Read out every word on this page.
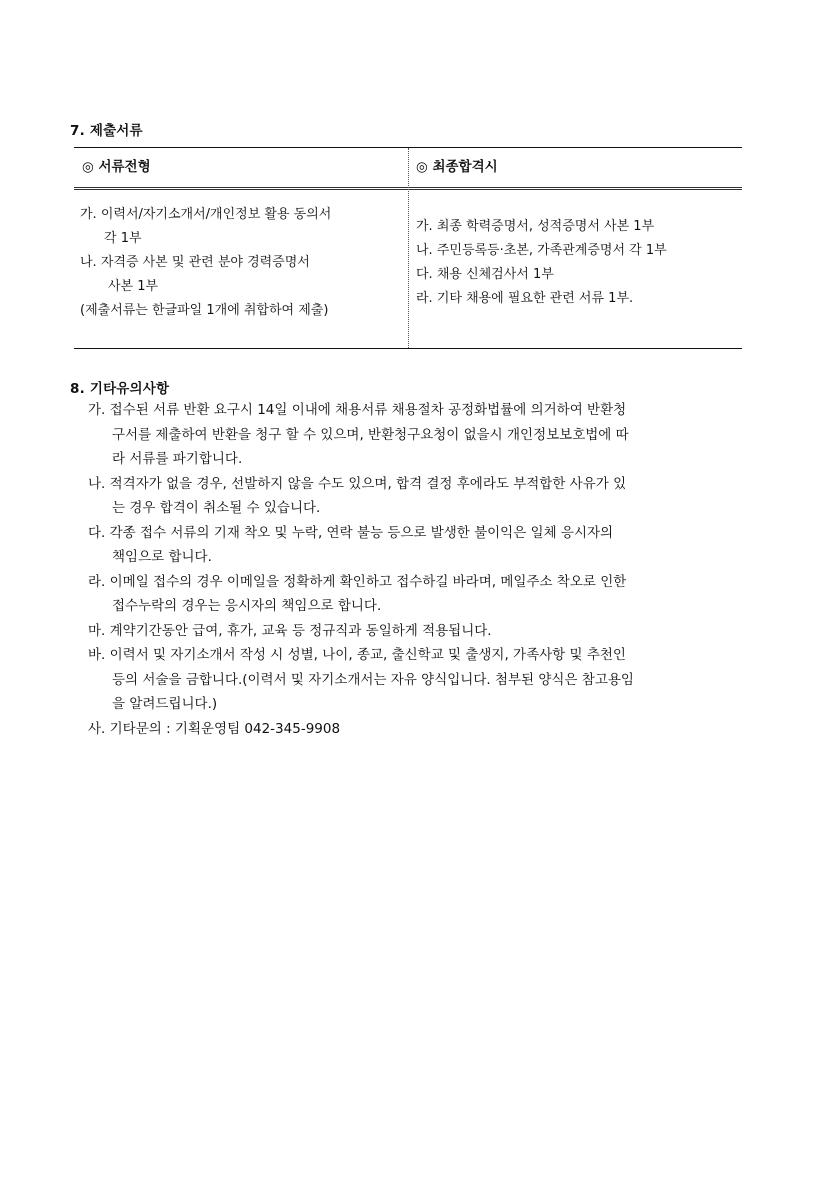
7. 제출서류
◎ 서류전형	◎ 최종합격시
가. 이력서/자기소개서/개인정보 활용 동의서
각 1부
나. 자격증 사본 및 관련 분야 경력증명서
사본 1부
(제출서류는 한글파일 1개에 취합하여 제출)
가. 최종 학력증명서, 성적증명서 사본 1부
나. 주민등록등·초본, 가족관계증명서 각 1부
다. 채용 신체검사서 1부
라. 기타 채용에 필요한 관련 서류 1부.
8. 기타유의사항
가. 접수된 서류 반환 요구시 14일 이내에 채용서류 채용절차 공정화법률에 의거하여 반환청
구서를 제출하여 반환을 청구 할 수 있으며, 반환청구요청이 없을시 개인정보보호법에 따
라 서류를 파기합니다.
나. 적격자가 없을 경우, 선발하지 않을 수도 있으며, 합격 결정 후에라도 부적합한 사유가 있
는 경우 합격이 취소될 수 있습니다.
다. 각종 접수 서류의 기재 착오 및 누락, 연락 불능 등으로 발생한 불이익은 일체 응시자의
책임으로 합니다.
라. 이메일 접수의 경우 이메일을 정확하게 확인하고 접수하길 바라며, 메일주소 착오로 인한
접수누락의 경우는 응시자의 책임으로 합니다.
마. 계약기간동안 급여, 휴가, 교육 등 정규직과 동일하게 적용됩니다.
바. 이력서 및 자기소개서 작성 시 성별, 나이, 종교, 출신학교 및 출생지, 가족사항 및 추천인
등의 서술을 금합니다.(이력서 및 자기소개서는 자유 양식입니다. 첨부된 양식은 참고용임
을 알려드립니다.)
사. 기타문의 : 기획운영팀 042-345-9908
